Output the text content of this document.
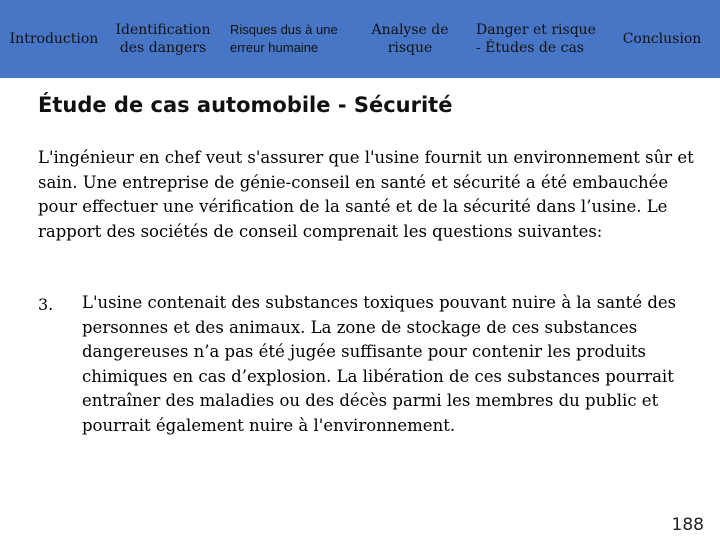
Introduction
Identification
des dangers
Risques dus à une
erreur humaine
Analyse de
risque
Danger et risque
- Études de cas
Conclusion
Étude de cas automobile - Sécurité
L'ingénieur en chef veut s'assurer que l'usine fournit un environnement sûr et sain. Une entreprise de génie-conseil en santé et sécurité a été embauchée pour effectuer une vérification de la santé et de la sécurité dans l’usine. Le rapport des sociétés de conseil comprenait les questions suivantes:
3. L'usine contenait des substances toxiques pouvant nuire à la santé des personnes et des animaux. La zone de stockage de ces substances dangereuses n’a pas été jugée suffisante pour contenir les produits chimiques en cas d’explosion. La libération de ces substances pourrait entraîner des maladies ou des décès parmi les membres du public et pourrait également nuire à l'environnement.
188
